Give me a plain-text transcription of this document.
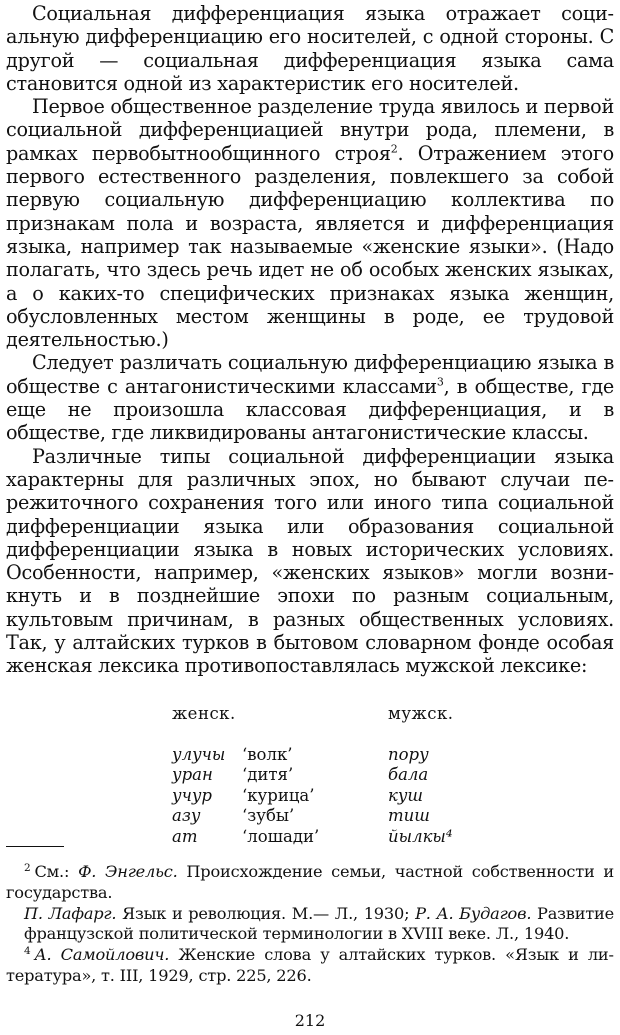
Социальная дифференциация языка отражает социальную дифференциацию его носителей, с одной стороны. С другой — социальная дифференциация языка сама становится одной из характеристик его носителей.

Первое общественное разделение труда явилось и первой социальной дифференциацией внутри рода, племени, в рамках первобытнообщинного строя$^2$. Отражением этого первого естественного разделения, повлекшего за собой первую социальную дифференциацию коллектива по признакам пола и возраста, является и дифференциация языка, например так называемые «женские языки». (Надо полагать, что здесь речь идет не об особых женских языках, а о каких-то специфических признаках языка женщин, обусловленных местом женщины в роде, ее трудовой деятельностью.)

Следует различать социальную дифференциацию языка в обществе с антагонистическими классами$^3$, в обществе, где еще не произошла классовая дифференциация, и в обществе, где ликвидированы антагонистические классы.

Различные типы социальной дифференциации языка характерны для различных эпох, но бывают случаи пережиточного сохранения того или иного типа социальной дифференциации языка или образования социальной дифференциации языка в новых исторических условиях. Особенности, например, «женских языков» могли возникнуть и в позднейшие эпохи по разным социальным, культовым причинам, в разных общественных условиях. Так, у алтайских турков в бытовом словарном фонде особая женская лексика противопоставлялась мужской лексике:

женск.	мужск.
улучы	‘волк’	пору
уран	‘дитя’	бала
учур	‘курица’	куш
азу	‘зубы’	тиш
ат	‘лошади’	йылкы⁴

$^2$ См.: Ф. Энгельс. Происхождение семьи, частной собственности и государства.

П. Лафарг. Язык и революция. М.— Л., 1930; Р. А. Будагов. Развитие французской политической терминологии в XVIII веке. Л., 1940.

$^4$ А. Самойлович. Женские слова у алтайских турков. «Язык и литература», т. III, 1929, стр. 225, 226.

212
